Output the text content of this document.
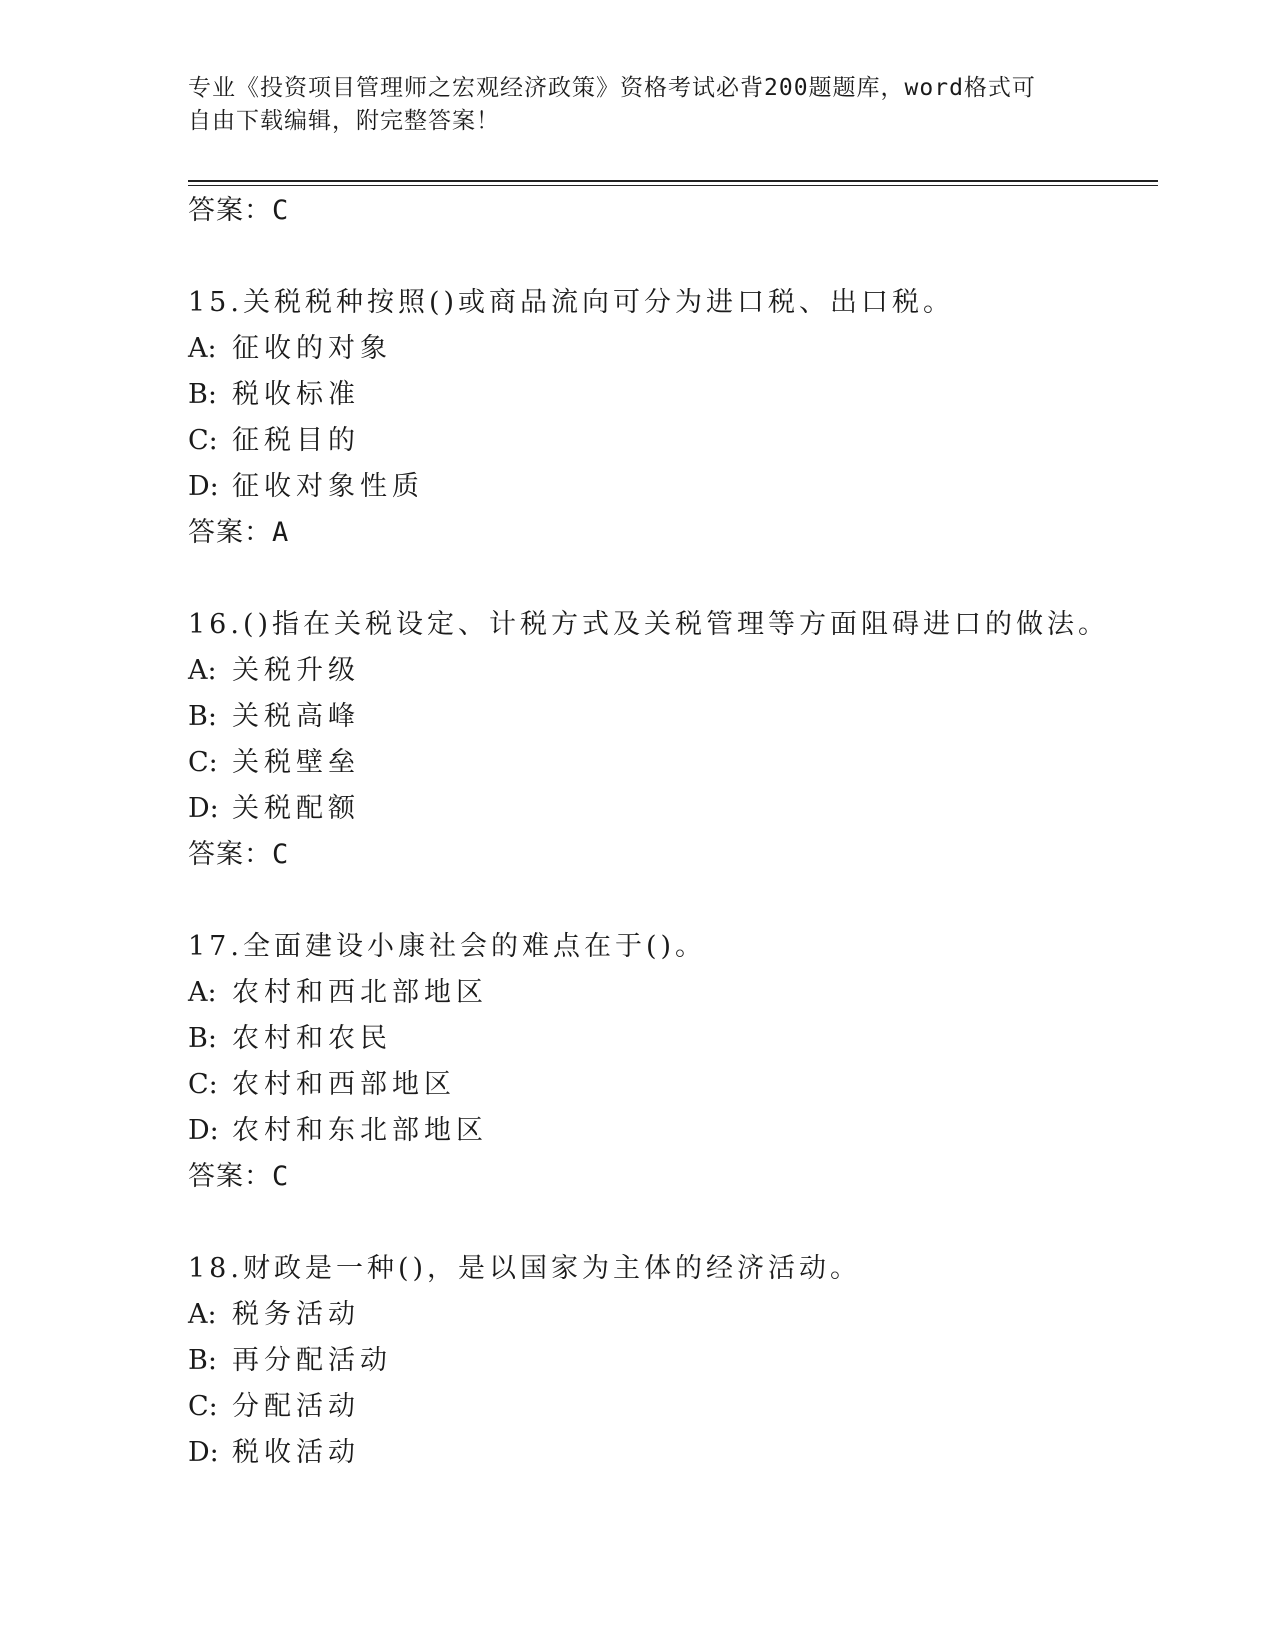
专业《投资项目管理师之宏观经济政策》资格考试必背200题题库，word格式可
自由下载编辑，附完整答案！
答案：C
15.关税税种按照()或商品流向可分为进口税、出口税。
A: 征收的对象
B: 税收标准
C: 征税目的
D: 征收对象性质
答案：A
16.()指在关税设定、计税方式及关税管理等方面阻碍进口的做法。
A: 关税升级
B: 关税高峰
C: 关税壁垒
D: 关税配额
答案：C
17.全面建设小康社会的难点在于()。
A: 农村和西北部地区
B: 农村和农民
C: 农村和西部地区
D: 农村和东北部地区
答案：C
18.财政是一种()，是以国家为主体的经济活动。
A: 税务活动
B: 再分配活动
C: 分配活动
D: 税收活动
